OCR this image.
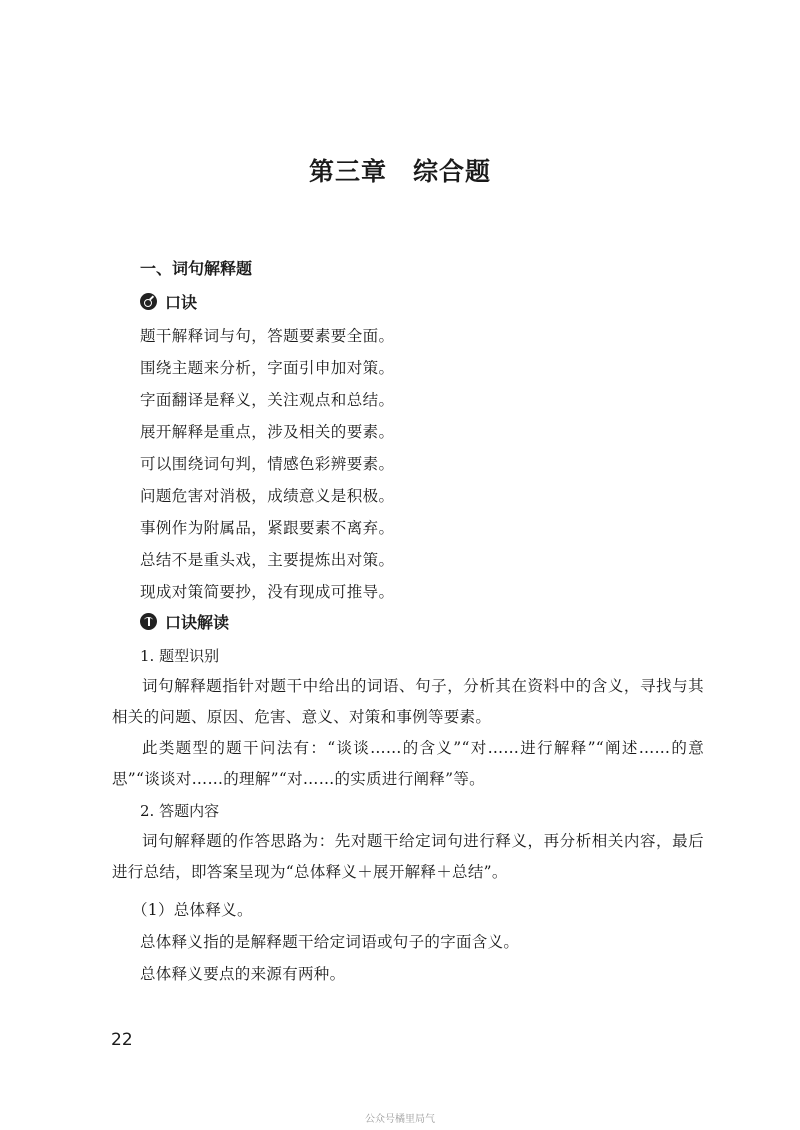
第三章　综合题
一、词句解释题
口诀
题干解释词与句，答题要素要全面。
围绕主题来分析，字面引申加对策。
字面翻译是释义，关注观点和总结。
展开解释是重点，涉及相关的要素。
可以围绕词句判，情感色彩辨要素。
问题危害对消极，成绩意义是积极。
事例作为附属品，紧跟要素不离弃。
总结不是重头戏，主要提炼出对策。
现成对策简要抄，没有现成可推导。
口诀解读
1. 题型识别
词句解释题指针对题干中给出的词语、句子，分析其在资料中的含义，寻找与其相关的问题、原因、危害、意义、对策和事例等要素。
此类题型的题干问法有：“谈谈……的含义”“对……进行解释”“阐述……的意思”“谈谈对……的理解”“对……的实质进行阐释”等。
2. 答题内容
词句解释题的作答思路为：先对题干给定词句进行释义，再分析相关内容，最后进行总结，即答案呈现为“总体释义＋展开解释＋总结”。
（1）总体释义。
总体释义指的是解释题干给定词语或句子的字面含义。
总体释义要点的来源有两种。
22
公众号橘里局气
